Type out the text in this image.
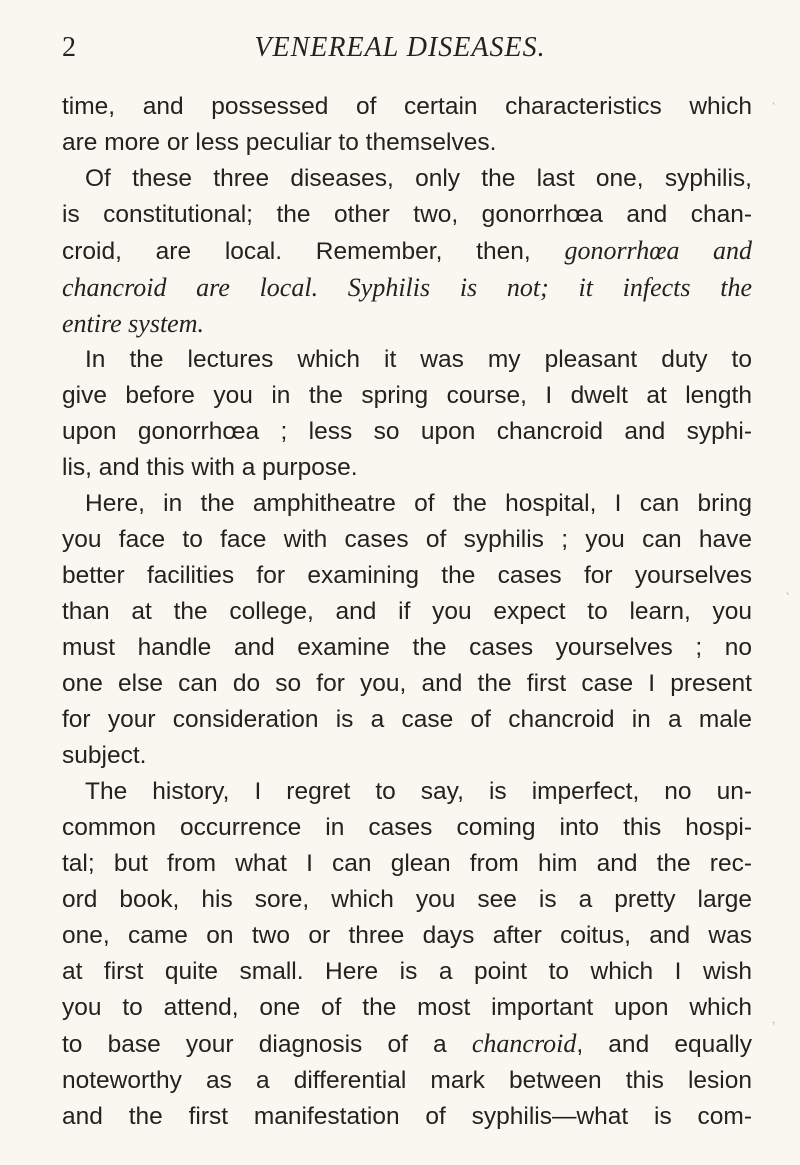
2	VENEREAL DISEASES.
time, and possessed of certain characteristics which
are more or less peculiar to themselves.
Of these three diseases, only the last one, syphilis,
is constitutional; the other two, gonorrhœa and chan-
croid, are local. Remember, then, gonorrhœa and
chancroid are local. Syphilis is not; it infects the
entire system.
In the lectures which it was my pleasant duty to
give before you in the spring course, I dwelt at length
upon gonorrhœa ; less so upon chancroid and syphi-
lis, and this with a purpose.
Here, in the amphitheatre of the hospital, I can bring
you face to face with cases of syphilis ; you can have
better facilities for examining the cases for yourselves
than at the college, and if you expect to learn, you
must handle and examine the cases yourselves ; no
one else can do so for you, and the first case I present
for your consideration is a case of chancroid in a male
subject.
The history, I regret to say, is imperfect, no un-
common occurrence in cases coming into this hospi-
tal; but from what I can glean from him and the rec-
ord book, his sore, which you see is a pretty large
one, came on two or three days after coitus, and was
at first quite small. Here is a point to which I wish
you to attend, one of the most important upon which
to base your diagnosis of a chancroid, and equally
noteworthy as a differential mark between this lesion
and the first manifestation of syphilis—what is com-
‵
‵
‚
